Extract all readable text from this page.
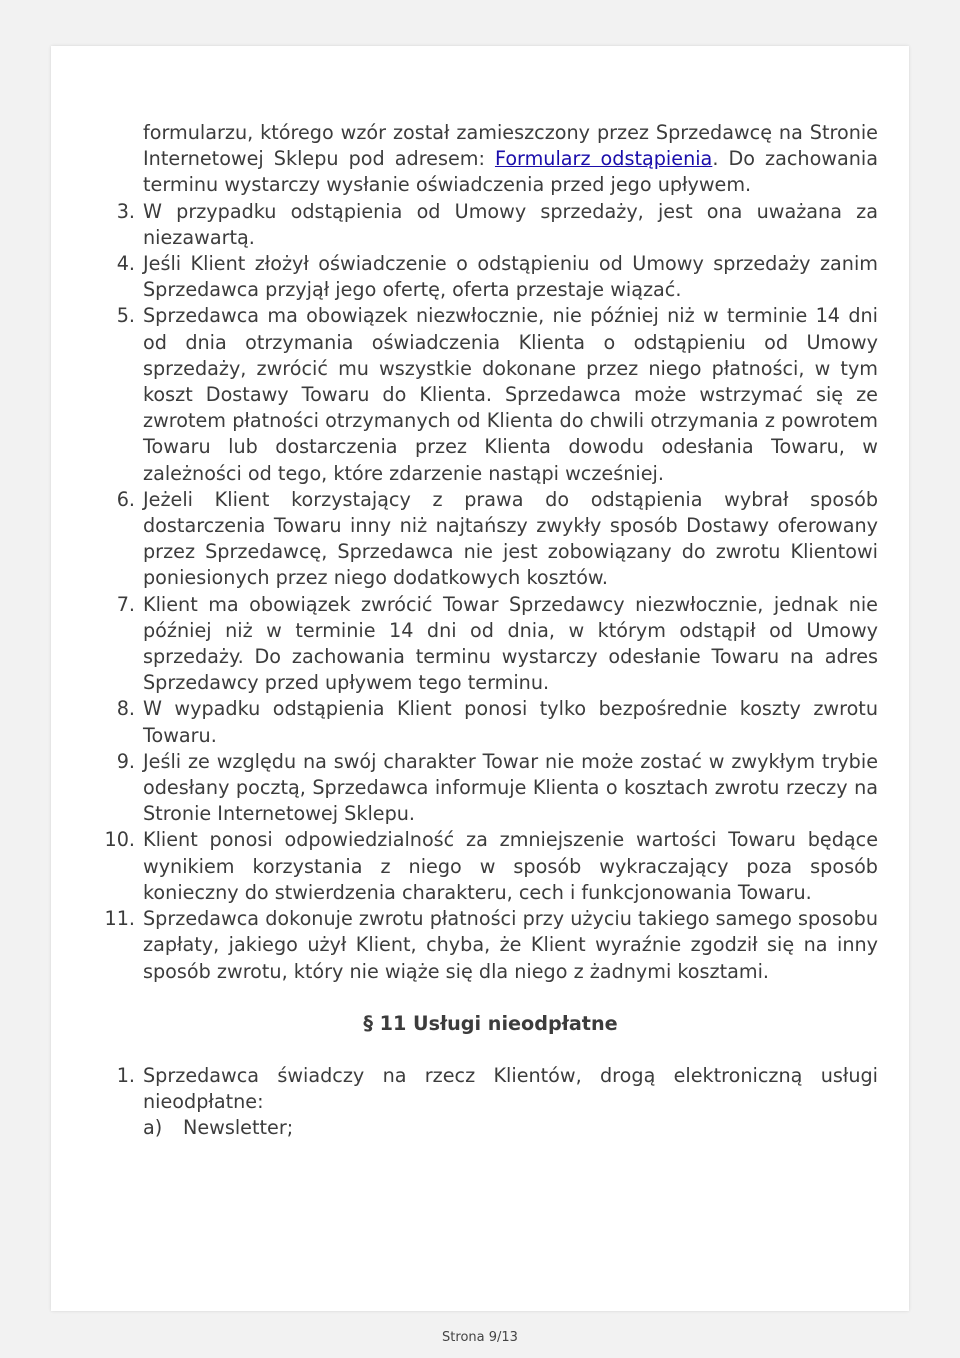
formularzu, którego wzór został zamieszczony przez Sprzedawcę na Stronie Internetowej Sklepu pod adresem: Formularz odstąpienia. Do zachowania terminu wystarczy wysłanie oświadczenia przed jego upływem.
3. W przypadku odstąpienia od Umowy sprzedaży, jest ona uważana za niezawartą.
4. Jeśli Klient złożył oświadczenie o odstąpieniu od Umowy sprzedaży zanim Sprzedawca przyjął jego ofertę, oferta przestaje wiązać.
5. Sprzedawca ma obowiązek niezwłocznie, nie później niż w terminie 14 dni od dnia otrzymania oświadczenia Klienta o odstąpieniu od Umowy sprzedaży, zwrócić mu wszystkie dokonane przez niego płatności, w tym koszt Dostawy Towaru do Klienta. Sprzedawca może wstrzymać się ze zwrotem płatności otrzymanych od Klienta do chwili otrzymania z powrotem Towaru lub dostarczenia przez Klienta dowodu odesłania Towaru, w zależności od tego, które zdarzenie nastąpi wcześniej.
6. Jeżeli Klient korzystający z prawa do odstąpienia wybrał sposób dostarczenia Towaru inny niż najtańszy zwykły sposób Dostawy oferowany przez Sprzedawcę, Sprzedawca nie jest zobowiązany do zwrotu Klientowi poniesionych przez niego dodatkowych kosztów.
7. Klient ma obowiązek zwrócić Towar Sprzedawcy niezwłocznie, jednak nie później niż w terminie 14 dni od dnia, w którym odstąpił od Umowy sprzedaży. Do zachowania terminu wystarczy odesłanie Towaru na adres Sprzedawcy przed upływem tego terminu.
8. W wypadku odstąpienia Klient ponosi tylko bezpośrednie koszty zwrotu Towaru.
9. Jeśli ze względu na swój charakter Towar nie może zostać w zwykłym trybie odesłany pocztą, Sprzedawca informuje Klienta o kosztach zwrotu rzeczy na Stronie Internetowej Sklepu.
10. Klient ponosi odpowiedzialność za zmniejszenie wartości Towaru będące wynikiem korzystania z niego w sposób wykraczający poza sposób konieczny do stwierdzenia charakteru, cech i funkcjonowania Towaru.
11. Sprzedawca dokonuje zwrotu płatności przy użyciu takiego samego sposobu zapłaty, jakiego użył Klient, chyba, że Klient wyraźnie zgodził się na inny sposób zwrotu, który nie wiąże się dla niego z żadnymi kosztami.
§ 11 Usługi nieodpłatne
1. Sprzedawca świadczy na rzecz Klientów, drogą elektroniczną usługi nieodpłatne:
a)	Newsletter;
Strona 9/13
